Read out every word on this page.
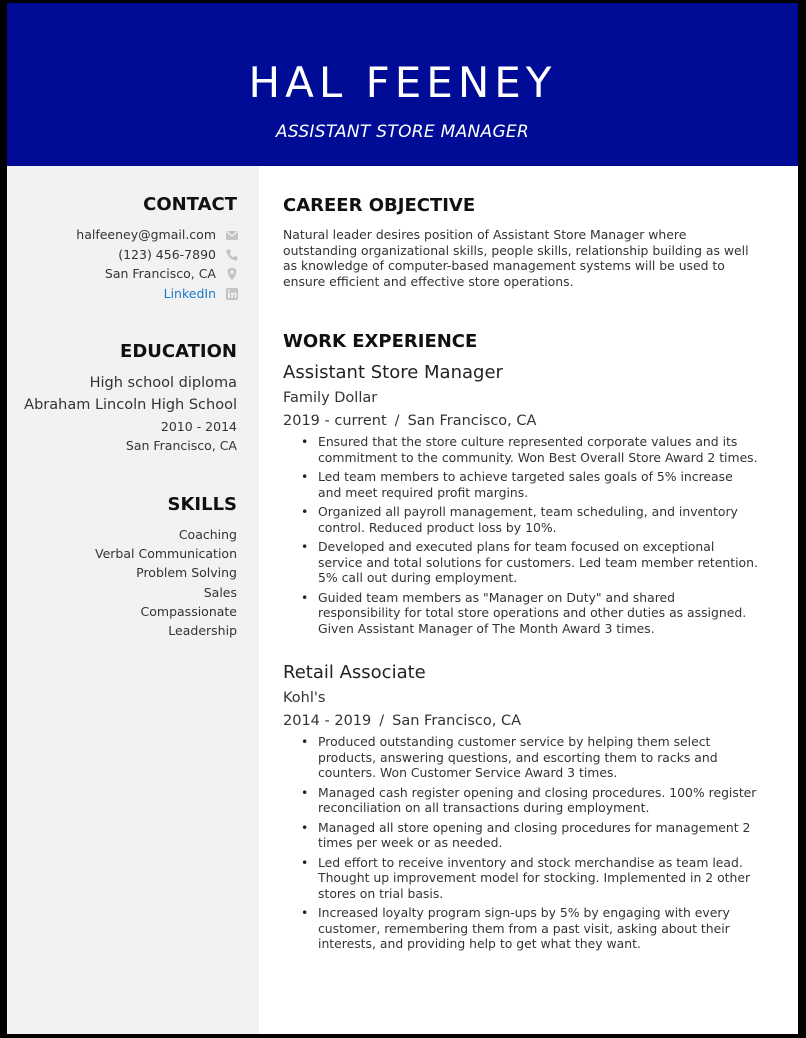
HAL FEENEY
ASSISTANT STORE MANAGER
CONTACT
halfeeney@gmail.com
(123) 456-7890
San Francisco, CA
LinkedIn
EDUCATION
High school diploma
Abraham Lincoln High School
2010 - 2014
San Francisco, CA
SKILLS
Coaching
Verbal Communication
Problem Solving
Sales
Compassionate
Leadership
CAREER OBJECTIVE
Natural leader desires position of Assistant Store Manager where outstanding organizational skills, people skills, relationship building as well as knowledge of computer-based management systems will be used to ensure efficient and effective store operations.
WORK EXPERIENCE
Assistant Store Manager
Family Dollar
2019 - current / San Francisco, CA
• Ensured that the store culture represented corporate values and its commitment to the community. Won Best Overall Store Award 2 times.
• Led team members to achieve targeted sales goals of 5% increase and meet required profit margins.
• Organized all payroll management, team scheduling, and inventory control. Reduced product loss by 10%.
• Developed and executed plans for team focused on exceptional service and total solutions for customers. Led team member retention. 5% call out during employment.
• Guided team members as "Manager on Duty" and shared responsibility for total store operations and other duties as assigned. Given Assistant Manager of The Month Award 3 times.
Retail Associate
Kohl's
2014 - 2019 / San Francisco, CA
• Produced outstanding customer service by helping them select products, answering questions, and escorting them to racks and counters. Won Customer Service Award 3 times.
• Managed cash register opening and closing procedures. 100% register reconciliation on all transactions during employment.
• Managed all store opening and closing procedures for management 2 times per week or as needed.
• Led effort to receive inventory and stock merchandise as team lead. Thought up improvement model for stocking. Implemented in 2 other stores on trial basis.
• Increased loyalty program sign-ups by 5% by engaging with every customer, remembering them from a past visit, asking about their interests, and providing help to get what they want.
